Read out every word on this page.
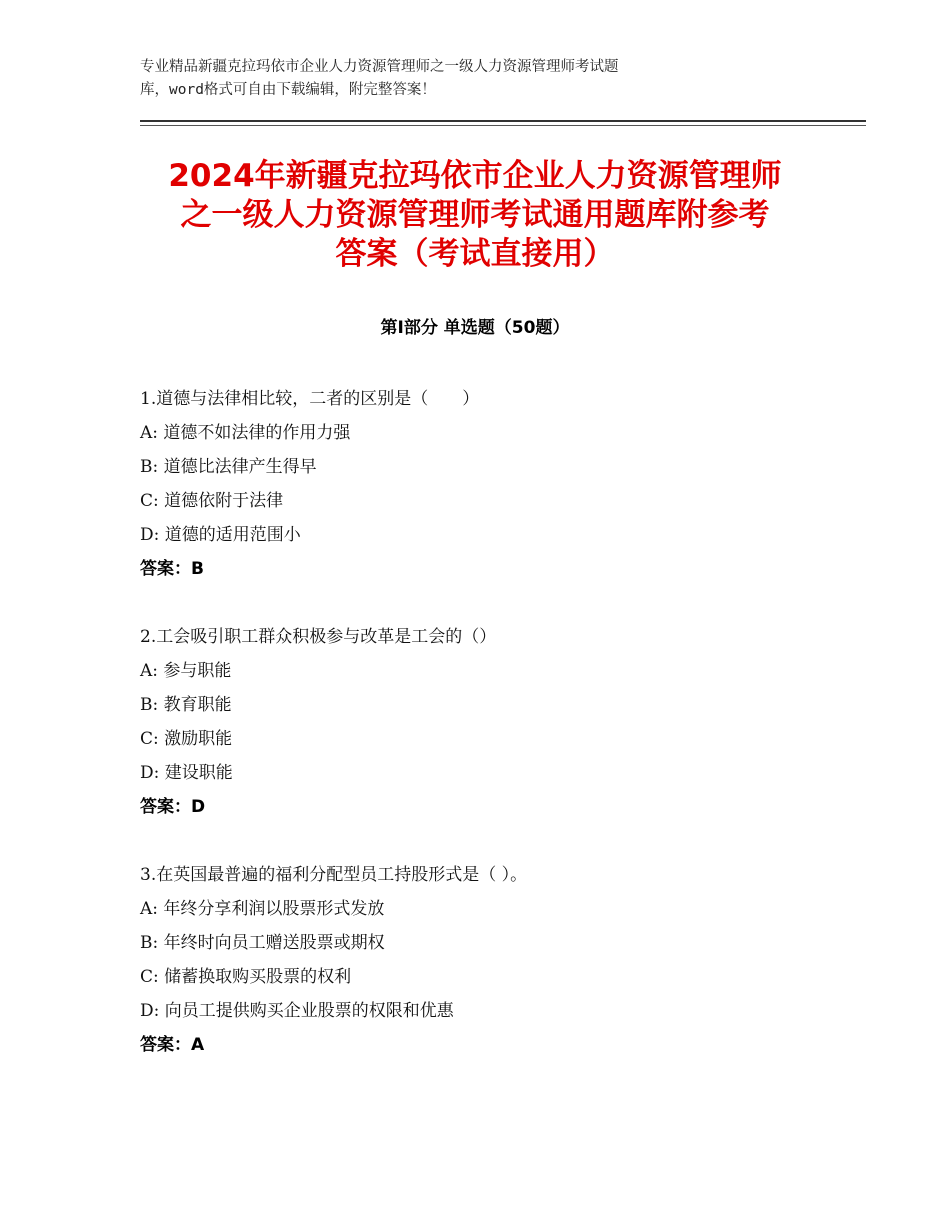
专业精品新疆克拉玛依市企业人力资源管理师之一级人力资源管理师考试题
库，word格式可自由下载编辑，附完整答案！
2024年新疆克拉玛依市企业人力资源管理师
之一级人力资源管理师考试通用题库附参考
答案（考试直接用）
第Ⅰ部分 单选题（50题）
1.道德与法律相比较，二者的区别是（　　）
A: 道德不如法律的作用力强
B: 道德比法律产生得早
C: 道德依附于法律
D: 道德的适用范围小
答案：B
2.工会吸引职工群众积极参与改革是工会的（）
A: 参与职能
B: 教育职能
C: 激励职能
D: 建设职能
答案：D
3.在英国最普遍的福利分配型员工持股形式是（ ）。
A: 年终分享利润以股票形式发放
B: 年终时向员工赠送股票或期权
C: 储蓄换取购买股票的权利
D: 向员工提供购买企业股票的权限和优惠
答案：A
